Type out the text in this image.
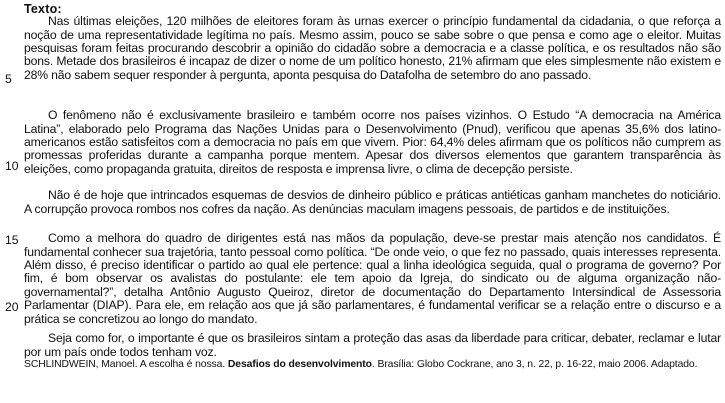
Texto:
5
10
15
20

Nas últimas eleições, 120 milhões de eleitores foram às urnas exercer o princípio fundamental da cidadania, o que reforça a noção de uma representatividade legítima no país. Mesmo assim, pouco se sabe sobre o que pensa e como age o eleitor. Muitas pesquisas foram feitas procurando descobrir a opinião do cidadão sobre a democracia e a classe política, e os resultados não são bons. Metade dos brasileiros é incapaz de dizer o nome de um político honesto, 21% afirmam que eles simplesmente não existem e 28% não sabem sequer responder à pergunta, aponta pesquisa do Datafolha de setembro do ano passado.

O fenômeno não é exclusivamente brasileiro e também ocorre nos países vizinhos. O Estudo “A democracia na América Latina”, elaborado pelo Programa das Nações Unidas para o Desenvolvimento (Pnud), verificou que apenas 35,6% dos latino-americanos estão satisfeitos com a democracia no país em que vivem. Pior: 64,4% deles afirmam que os políticos não cumprem as promessas proferidas durante a campanha porque mentem. Apesar dos diversos elementos que garantem transparência às eleições, como propaganda gratuita, direitos de resposta e imprensa livre, o clima de decepção persiste.

Não é de hoje que intrincados esquemas de desvios de dinheiro público e práticas antiéticas ganham manchetes do noticiário. A corrupção provoca rombos nos cofres da nação. As denúncias maculam imagens pessoais, de partidos e de instituições.

Como a melhora do quadro de dirigentes está nas mãos da população, deve-se prestar mais atenção nos candidatos. É fundamental conhecer sua trajetória, tanto pessoal como política. “De onde veio, o que fez no passado, quais interesses representa. Além disso, é preciso identificar o partido ao qual ele pertence: qual a linha ideológica seguida, qual o programa de governo? Por fim, é bom observar os avalistas do postulante: ele tem apoio da Igreja, do sindicato ou de alguma organização não-governamental?”, detalha Antônio Augusto Queiroz, diretor de documentação do Departamento Intersindical de Assessoria Parlamentar (DIAP). Para ele, em relação aos que já são parlamentares, é fundamental verificar se a relação entre o discurso e a prática se concretizou ao longo do mandato.

Seja como for, o importante é que os brasileiros sintam a proteção das asas da liberdade para criticar, debater, reclamar e lutar por um país onde todos tenham voz.

SCHLINDWEIN, Manoel. A escolha é nossa. Desafios do desenvolvimento. Brasília: Globo Cockrane, ano 3, n. 22, p. 16-22, maio 2006. Adaptado.
